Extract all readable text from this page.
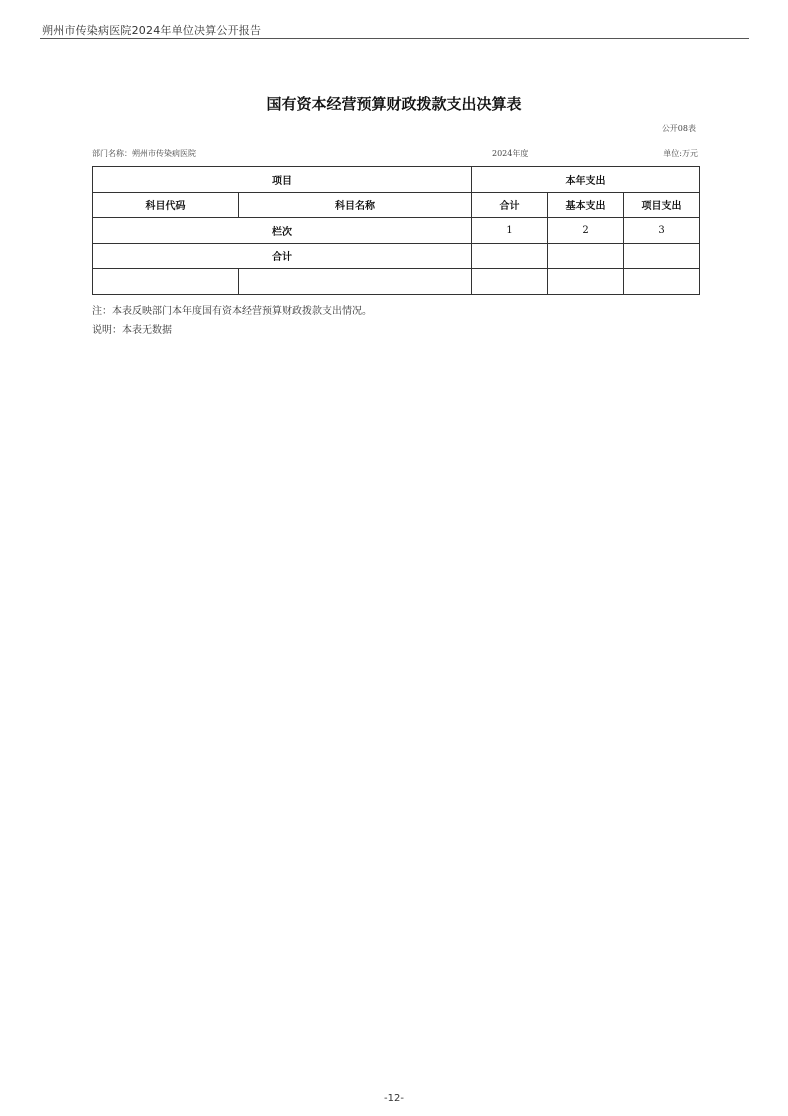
朔州市传染病医院2024年单位决算公开报告
国有资本经营预算财政拨款支出决算表
公开08表
部门名称：朔州市传染病医院	2024年度	单位:万元
项目		本年支出		
科目代码	科目名称	合计	基本支出	项目支出
栏次		1	2	3
合计				

注：本表反映部门本年度国有资本经营预算财政拨款支出情况。
说明：本表无数据
-12-
